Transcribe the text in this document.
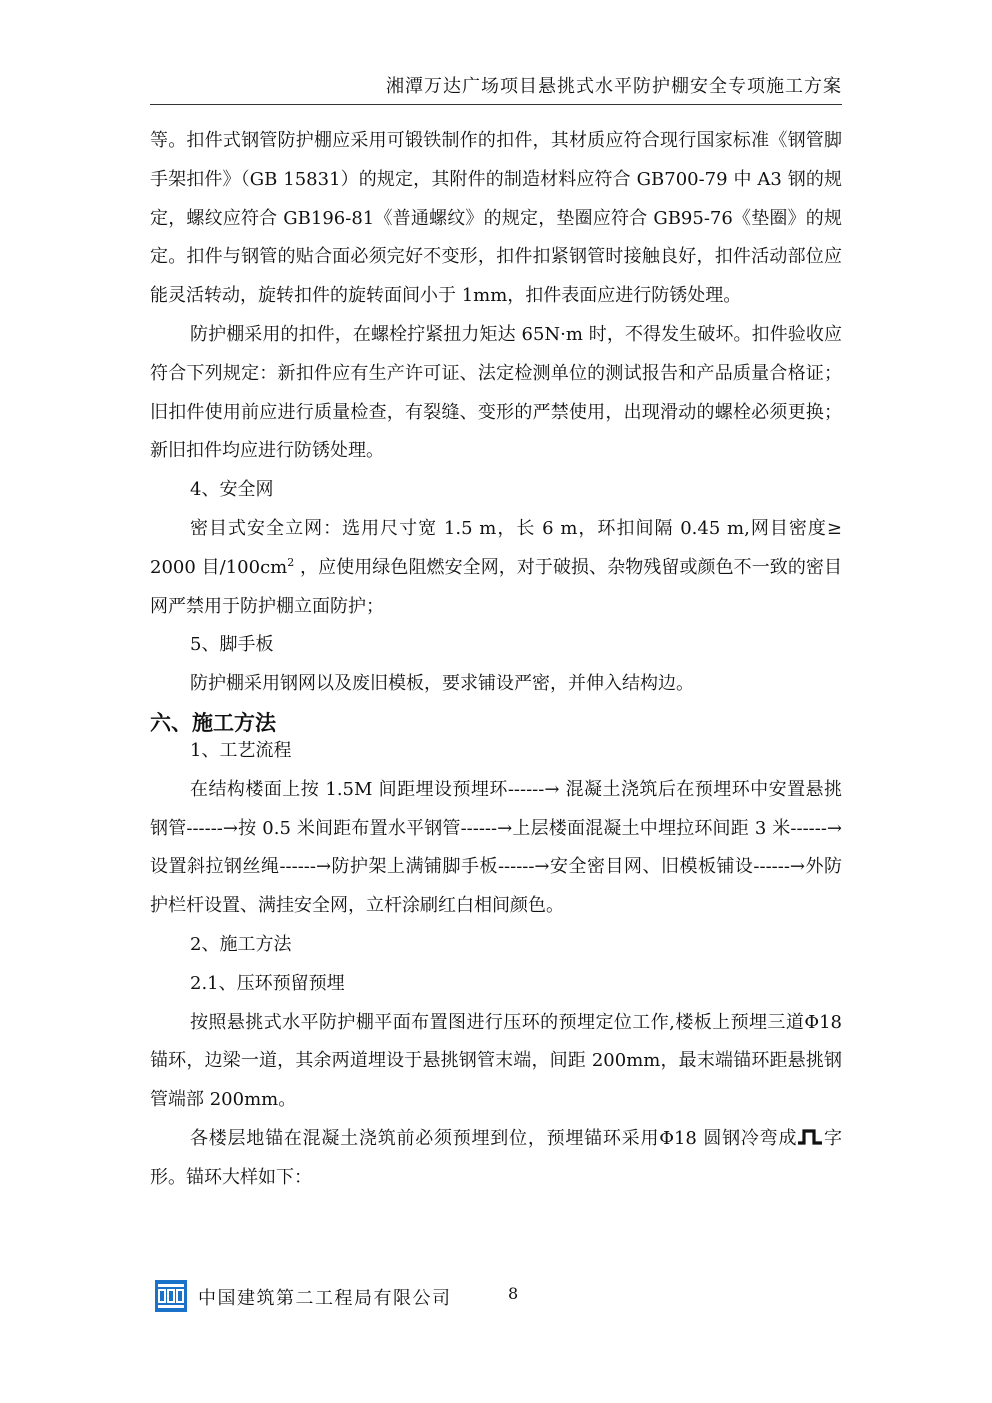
湘潭万达广场项目悬挑式水平防护棚安全专项施工方案

等。扣件式钢管防护棚应采用可锻铁制作的扣件，其材质应符合现行国家标准《钢管脚手架扣件》（GB 15831）的规定，其附件的制造材料应符合 GB700-79 中 A3 钢的规定，螺纹应符合 GB196-81《普通螺纹》的规定，垫圈应符合 GB95-76《垫圈》的规定。扣件与钢管的贴合面必须完好不变形，扣件扣紧钢管时接触良好，扣件活动部位应能灵活转动，旋转扣件的旋转面间小于 1mm，扣件表面应进行防锈处理。

防护棚采用的扣件，在螺栓拧紧扭力矩达 65N·m 时，不得发生破坏。扣件验收应符合下列规定：新扣件应有生产许可证、法定检测单位的测试报告和产品质量合格证；旧扣件使用前应进行质量检查，有裂缝、变形的严禁使用，出现滑动的螺栓必须更换；新旧扣件均应进行防锈处理。

4、安全网

密目式安全立网：选用尺寸宽 1.5 m，长 6 m，环扣间隔 0.45 m,网目密度≥ 2000 目$/100cm^2$ ，应使用绿色阻燃安全网，对于破损、杂物残留或颜色不一致的密目网严禁用于防护棚立面防护；

5、脚手板

防护棚采用钢网以及废旧模板，要求铺设严密，并伸入结构边。

六、施工方法

1、工艺流程

在结构楼面上按 1.5M 间距埋设预埋环------→ 混凝土浇筑后在预埋环中安置悬挑钢管------→按 0.5 米间距布置水平钢管------→上层楼面混凝土中埋拉环间距 3 米------→设置斜拉钢丝绳------→防护架上满铺脚手板------→安全密目网、旧模板铺设------→外防护栏杆设置、满挂安全网，立杆涂刷红白相间颜色。

2、施工方法

2.1、压环预留预埋

按照悬挑式水平防护棚平面布置图进行压环的预埋定位工作,楼板上预埋三道Φ18 锚环，边梁一道，其余两道埋设于悬挑钢管末端，间距 200mm，最末端锚环距悬挑钢管端部 200mm。

各楼层地锚在混凝土浇筑前必须预埋到位，预埋锚环采用Φ18 圆钢冷弯成 字形。锚环大样如下：

中国建筑第二工程局有限公司	8
